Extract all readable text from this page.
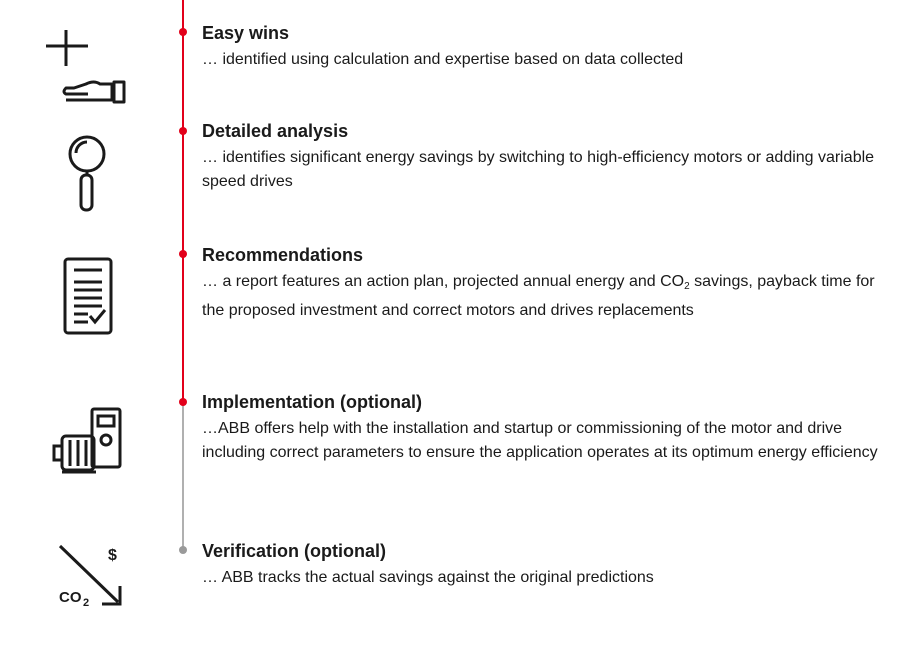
Easy wins

… identified using calculation and expertise based on data collected

Detailed analysis

… identifies significant energy savings by switching to high-efficiency motors or adding variable speed drives

Recommendations

… a report features an action plan, projected annual energy and $CO_2$ savings, payback time for the proposed investment and correct motors and drives replacements

Implementation (optional)

…ABB offers help with the installation and startup or commissioning of the motor and drive including correct parameters to ensure the application operates at its optimum energy efficiency

$
CO 2

Verification (optional)

… ABB tracks the actual savings against the original predictions
